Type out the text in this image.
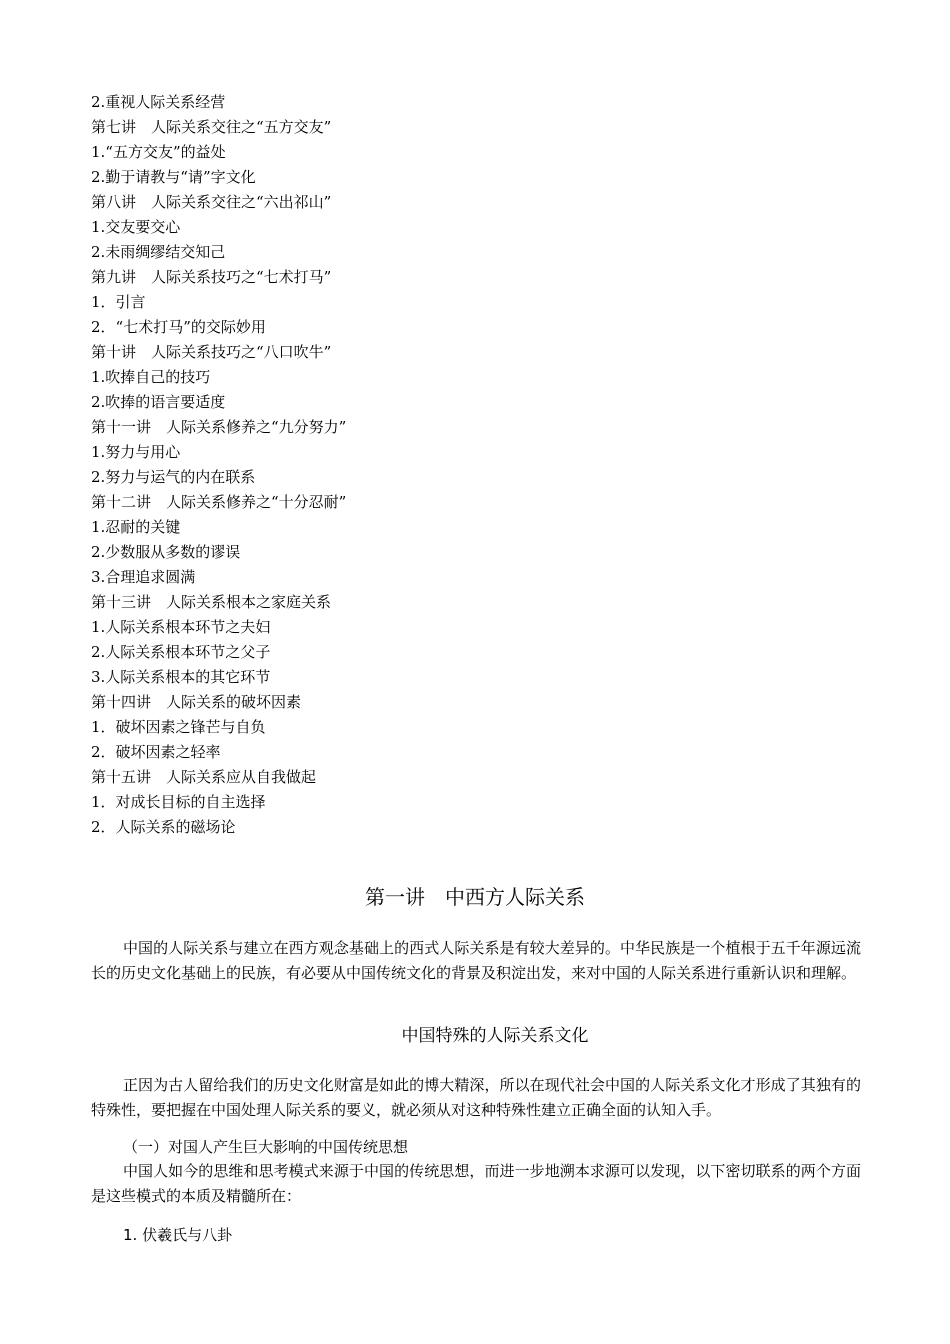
2.重视人际关系经营
第七讲　人际关系交往之“五方交友”
1.“五方交友”的益处
2.勤于请教与“请”字文化
第八讲　人际关系交往之“六出祁山”
1.交友要交心
2.未雨绸缪结交知己
第九讲　人际关系技巧之“七术打马”
1．引言
2．“七术打马”的交际妙用
第十讲　人际关系技巧之“八口吹牛”
1.吹捧自己的技巧
2.吹捧的语言要适度
第十一讲　人际关系修养之“九分努力”
1.努力与用心
2.努力与运气的内在联系
第十二讲　人际关系修养之“十分忍耐”
1.忍耐的关键
2.少数服从多数的谬误
3.合理追求圆满
第十三讲　人际关系根本之家庭关系
1.人际关系根本环节之夫妇
2.人际关系根本环节之父子
3.人际关系根本的其它环节
第十四讲　人际关系的破坏因素
1．破坏因素之锋芒与自负
2．破坏因素之轻率
第十五讲　人际关系应从自我做起
1．对成长目标的自主选择
2．人际关系的磁场论
第一讲　中西方人际关系
中国的人际关系与建立在西方观念基础上的西式人际关系是有较大差异的。中华民族是一个植根于五千年源远流长的历史文化基础上的民族，有必要从中国传统文化的背景及积淀出发，来对中国的人际关系进行重新认识和理解。
中国特殊的人际关系文化
正因为古人留给我们的历史文化财富是如此的博大精深，所以在现代社会中国的人际关系文化才形成了其独有的特殊性，要把握在中国处理人际关系的要义，就必须从对这种特殊性建立正确全面的认知入手。
（一）对国人产生巨大影响的中国传统思想
中国人如今的思维和思考模式来源于中国的传统思想，而进一步地溯本求源可以发现，以下密切联系的两个方面是这些模式的本质及精髓所在：
1. 伏羲氏与八卦
